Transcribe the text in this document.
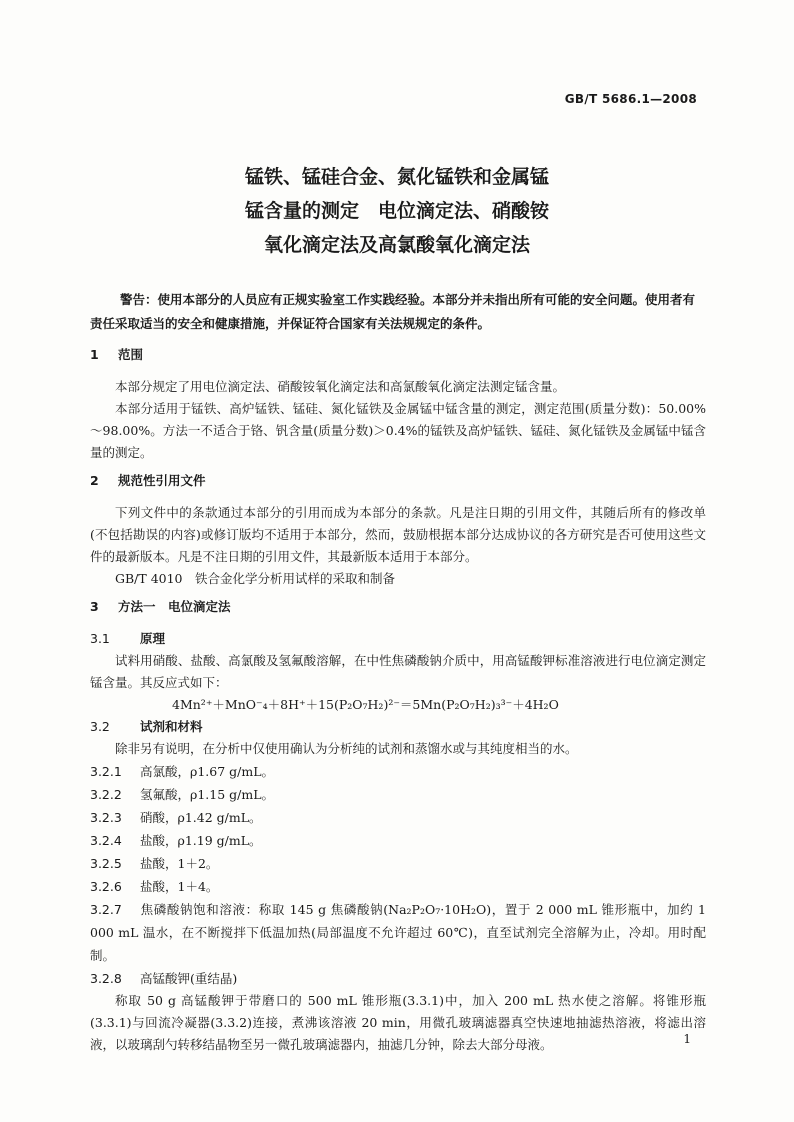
GB/T 5686.1—2008
锰铁、锰硅合金、氮化锰铁和金属锰
锰含量的测定　电位滴定法、硝酸铵
氧化滴定法及高氯酸氧化滴定法

警告：使用本部分的人员应有正规实验室工作实践经验。本部分并未指出所有可能的安全问题。使用者有责任采取适当的安全和健康措施，并保证符合国家有关法规规定的条件。

1 范围

本部分规定了用电位滴定法、硝酸铵氧化滴定法和高氯酸氧化滴定法测定锰含量。

本部分适用于锰铁、高炉锰铁、锰硅、氮化锰铁及金属锰中锰含量的测定，测定范围(质量分数)：50.00%～98.00%。方法一不适合于铬、钒含量(质量分数)＞0.4%的锰铁及高炉锰铁、锰硅、氮化锰铁及金属锰中锰含量的测定。

2 规范性引用文件

下列文件中的条款通过本部分的引用而成为本部分的条款。凡是注日期的引用文件，其随后所有的修改单(不包括勘误的内容)或修订版均不适用于本部分，然而，鼓励根据本部分达成协议的各方研究是否可使用这些文件的最新版本。凡是不注日期的引用文件，其最新版本适用于本部分。

GB/T 4010　铁合金化学分析用试样的采取和制备

3 方法一　电位滴定法

3.1 原理

试料用硝酸、盐酸、高氯酸及氢氟酸溶解，在中性焦磷酸钠介质中，用高锰酸钾标准溶液进行电位滴定测定锰含量。其反应式如下：

4Mn²⁺＋MnO⁻₄＋8H⁺＋15(P₂O₇H₂)²⁻＝5Mn(P₂O₇H₂)₃³⁻＋4H₂O

3.2 试剂和材料

除非另有说明，在分析中仅使用确认为分析纯的试剂和蒸馏水或与其纯度相当的水。

3.2.1 高氯酸，ρ1.67 g/mL。

3.2.2 氢氟酸，ρ1.15 g/mL。

3.2.3 硝酸，ρ1.42 g/mL。

3.2.4 盐酸，ρ1.19 g/mL。

3.2.5 盐酸，1＋2。

3.2.6 盐酸，1＋4。

3.2.7 焦磷酸钠饱和溶液：称取 145 g 焦磷酸钠(Na₂P₂O₇·10H₂O)，置于 2 000 mL 锥形瓶中，加约 1 000 mL 温水，在不断搅拌下低温加热(局部温度不允许超过 60℃)，直至试剂完全溶解为止，冷却。用时配制。

3.2.8 高锰酸钾(重结晶)

称取 50 g 高锰酸钾于带磨口的 500 mL 锥形瓶(3.3.1)中，加入 200 mL 热水使之溶解。将锥形瓶(3.3.1)与回流冷凝器(3.3.2)连接，煮沸该溶液 20 min，用微孔玻璃滤器真空快速地抽滤热溶液，将滤出溶液，以玻璃刮勺转移结晶物至另一微孔玻璃滤器内，抽滤几分钟，除去大部分母液。	1
